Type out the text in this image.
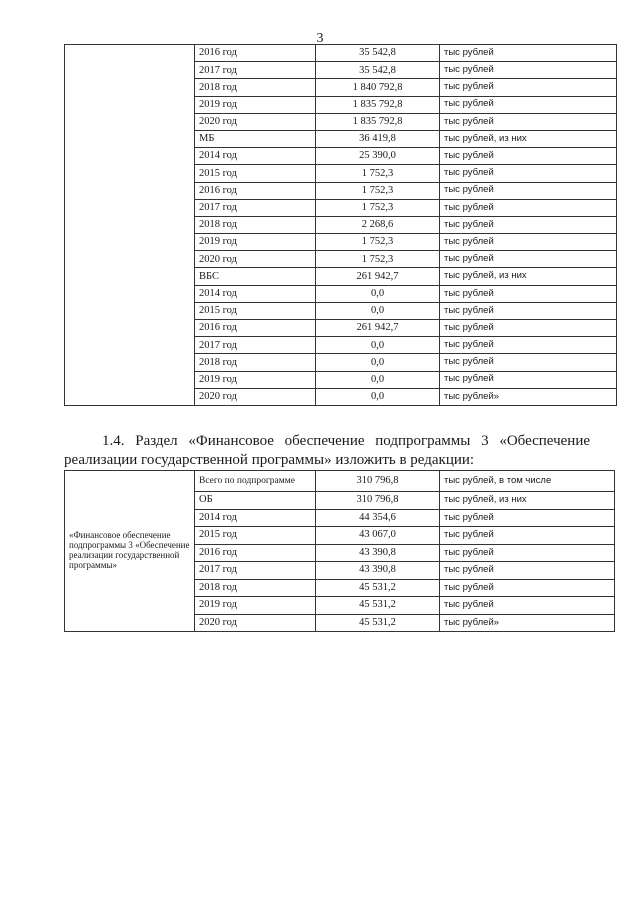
3
	2016 год	35 542,8	тыс рублей
	2017 год	35 542,8	тыс рублей
	2018 год	1 840 792,8	тыс рублей
	2019 год	1 835 792,8	тыс рублей
	2020 год	1 835 792,8	тыс рублей
	МБ	36 419,8	тыс рублей, из них
	2014 год	25 390,0	тыс рублей
	2015 год	1 752,3	тыс рублей
	2016 год	1 752,3	тыс рублей
	2017 год	1 752,3	тыс рублей
	2018 год	2 268,6	тыс рублей
	2019 год	1 752,3	тыс рублей
	2020 год	1 752,3	тыс рублей
	ВБС	261 942,7	тыс рублей, из них
	2014 год	0,0	тыс рублей
	2015 год	0,0	тыс рублей
	2016 год	261 942,7	тыс рублей
	2017 год	0,0	тыс рублей
	2018 год	0,0	тыс рублей
	2019 год	0,0	тыс рублей
	2020 год	0,0	тыс рублей»
1.4. Раздел «Финансовое обеспечение подпрограммы 3 «Обеспечение реализации государственной программы» изложить в редакции:
«Финансовое обеспечение подпрограммы 3 «Обеспечение реализации государственной программы»	Всего по подпрограмме	310 796,8	тыс рублей, в том числе
	ОБ	310 796,8	тыс рублей, из них
	2014 год	44 354,6	тыс рублей
	2015 год	43 067,0	тыс рублей
	2016 год	43 390,8	тыс рублей
	2017 год	43 390,8	тыс рублей
	2018 год	45 531,2	тыс рублей
	2019 год	45 531,2	тыс рублей
	2020 год	45 531,2	тыс рублей»
